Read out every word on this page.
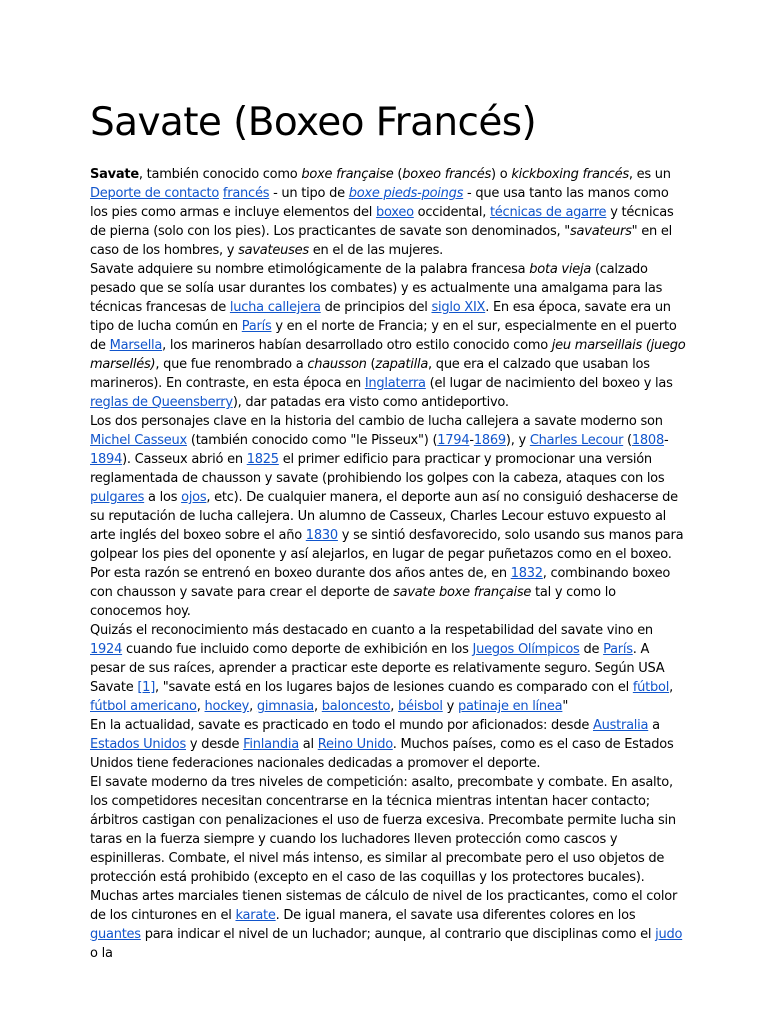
Savate (Boxeo Francés)

Savate, también conocido como boxe française (boxeo francés) o kickboxing francés, es un Deporte de contacto francés - un tipo de boxe pieds-poings - que usa tanto las manos como los pies como armas e incluye elementos del boxeo occidental, técnicas de agarre y técnicas de pierna (solo con los pies). Los practicantes de savate son denominados, "savateurs" en el caso de los hombres, y savateuses en el de las mujeres.

Savate adquiere su nombre etimológicamente de la palabra francesa bota vieja (calzado pesado que se solía usar durantes los combates) y es actualmente una amalgama para las técnicas francesas de lucha callejera de principios del siglo XIX. En esa época, savate era un tipo de lucha común en París y en el norte de Francia; y en el sur, especialmente en el puerto de Marsella, los marineros habían desarrollado otro estilo conocido como jeu marseillais (juego marsellés), que fue renombrado a chausson (zapatilla, que era el calzado que usaban los marineros). En contraste, en esta época en Inglaterra (el lugar de nacimiento del boxeo y las reglas de Queensberry), dar patadas era visto como antideportivo.

Los dos personajes clave en la historia del cambio de lucha callejera a savate moderno son Michel Casseux (también conocido como "le Pisseux") (1794-1869), y Charles Lecour (1808-1894). Casseux abrió en 1825 el primer edificio para practicar y promocionar una versión reglamentada de chausson y savate (prohibiendo los golpes con la cabeza, ataques con los pulgares a los ojos, etc). De cualquier manera, el deporte aun así no consiguió deshacerse de su reputación de lucha callejera. Un alumno de Casseux, Charles Lecour estuvo expuesto al arte inglés del boxeo sobre el año 1830 y se sintió desfavorecido, solo usando sus manos para golpear los pies del oponente y así alejarlos, en lugar de pegar puñetazos como en el boxeo. Por esta razón se entrenó en boxeo durante dos años antes de, en 1832, combinando boxeo con chausson y savate para crear el deporte de savate boxe française tal y como lo conocemos hoy.

Quizás el reconocimiento más destacado en cuanto a la respetabilidad del savate vino en 1924 cuando fue incluido como deporte de exhibición en los Juegos Olímpicos de París. A pesar de sus raíces, aprender a practicar este deporte es relativamente seguro. Según USA Savate [1], "savate está en los lugares bajos de lesiones cuando es comparado con el fútbol, fútbol americano, hockey, gimnasia, baloncesto, béisbol y patinaje en línea"

En la actualidad, savate es practicado en todo el mundo por aficionados: desde Australia a Estados Unidos y desde Finlandia al Reino Unido. Muchos países, como es el caso de Estados Unidos tiene federaciones nacionales dedicadas a promover el deporte.

El savate moderno da tres niveles de competición: asalto, precombate y combate. En asalto, los competidores necesitan concentrarse en la técnica mientras intentan hacer contacto; árbitros castigan con penalizaciones el uso de fuerza excesiva. Precombate permite lucha sin taras en la fuerza siempre y cuando los luchadores lleven protección como cascos y espinilleras. Combate, el nivel más intenso, es similar al precombate pero el uso objetos de protección está prohibido (excepto en el caso de las coquillas y los protectores bucales).

Muchas artes marciales tienen sistemas de cálculo de nivel de los practicantes, como el color de los cinturones en el karate. De igual manera, el savate usa diferentes colores en los guantes para indicar el nivel de un luchador; aunque, al contrario que disciplinas como el judo o la
